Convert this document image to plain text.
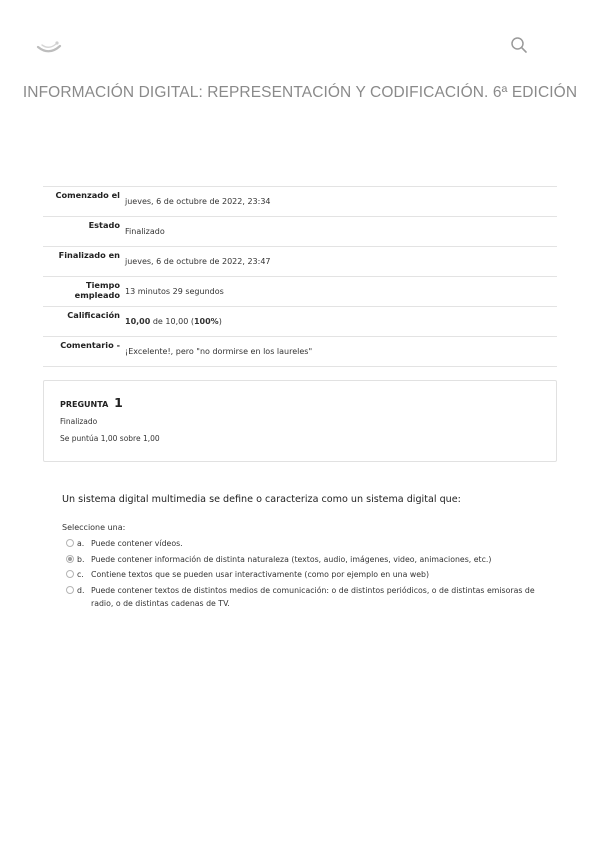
INFORMACIÓN DIGITAL: REPRESENTACIÓN Y CODIFICACIÓN. 6ª EDICIÓN
Comenzado el	jueves, 6 de octubre de 2022, 23:34
Estado	Finalizado
Finalizado en	jueves, 6 de octubre de 2022, 23:47
Tiempo empleado	13 minutos 29 segundos
Calificación	10,00 de 10,00 (100%)
Comentario -	¡Excelente!, pero "no dormirse en los laureles"
PREGUNTA 1
Finalizado
Se puntúa 1,00 sobre 1,00
Un sistema digital multimedia se define o caracteriza como un sistema digital que:
Seleccione una:
a. Puede contener vídeos.
b. Puede contener información de distinta naturaleza (textos, audio, imágenes, video, animaciones, etc.)
c. Contiene textos que se pueden usar interactivamente (como por ejemplo en una web)
d. Puede contener textos de distintos medios de comunicación: o de distintos periódicos, o de distintas emisoras de radio, o de distintas cadenas de TV.
